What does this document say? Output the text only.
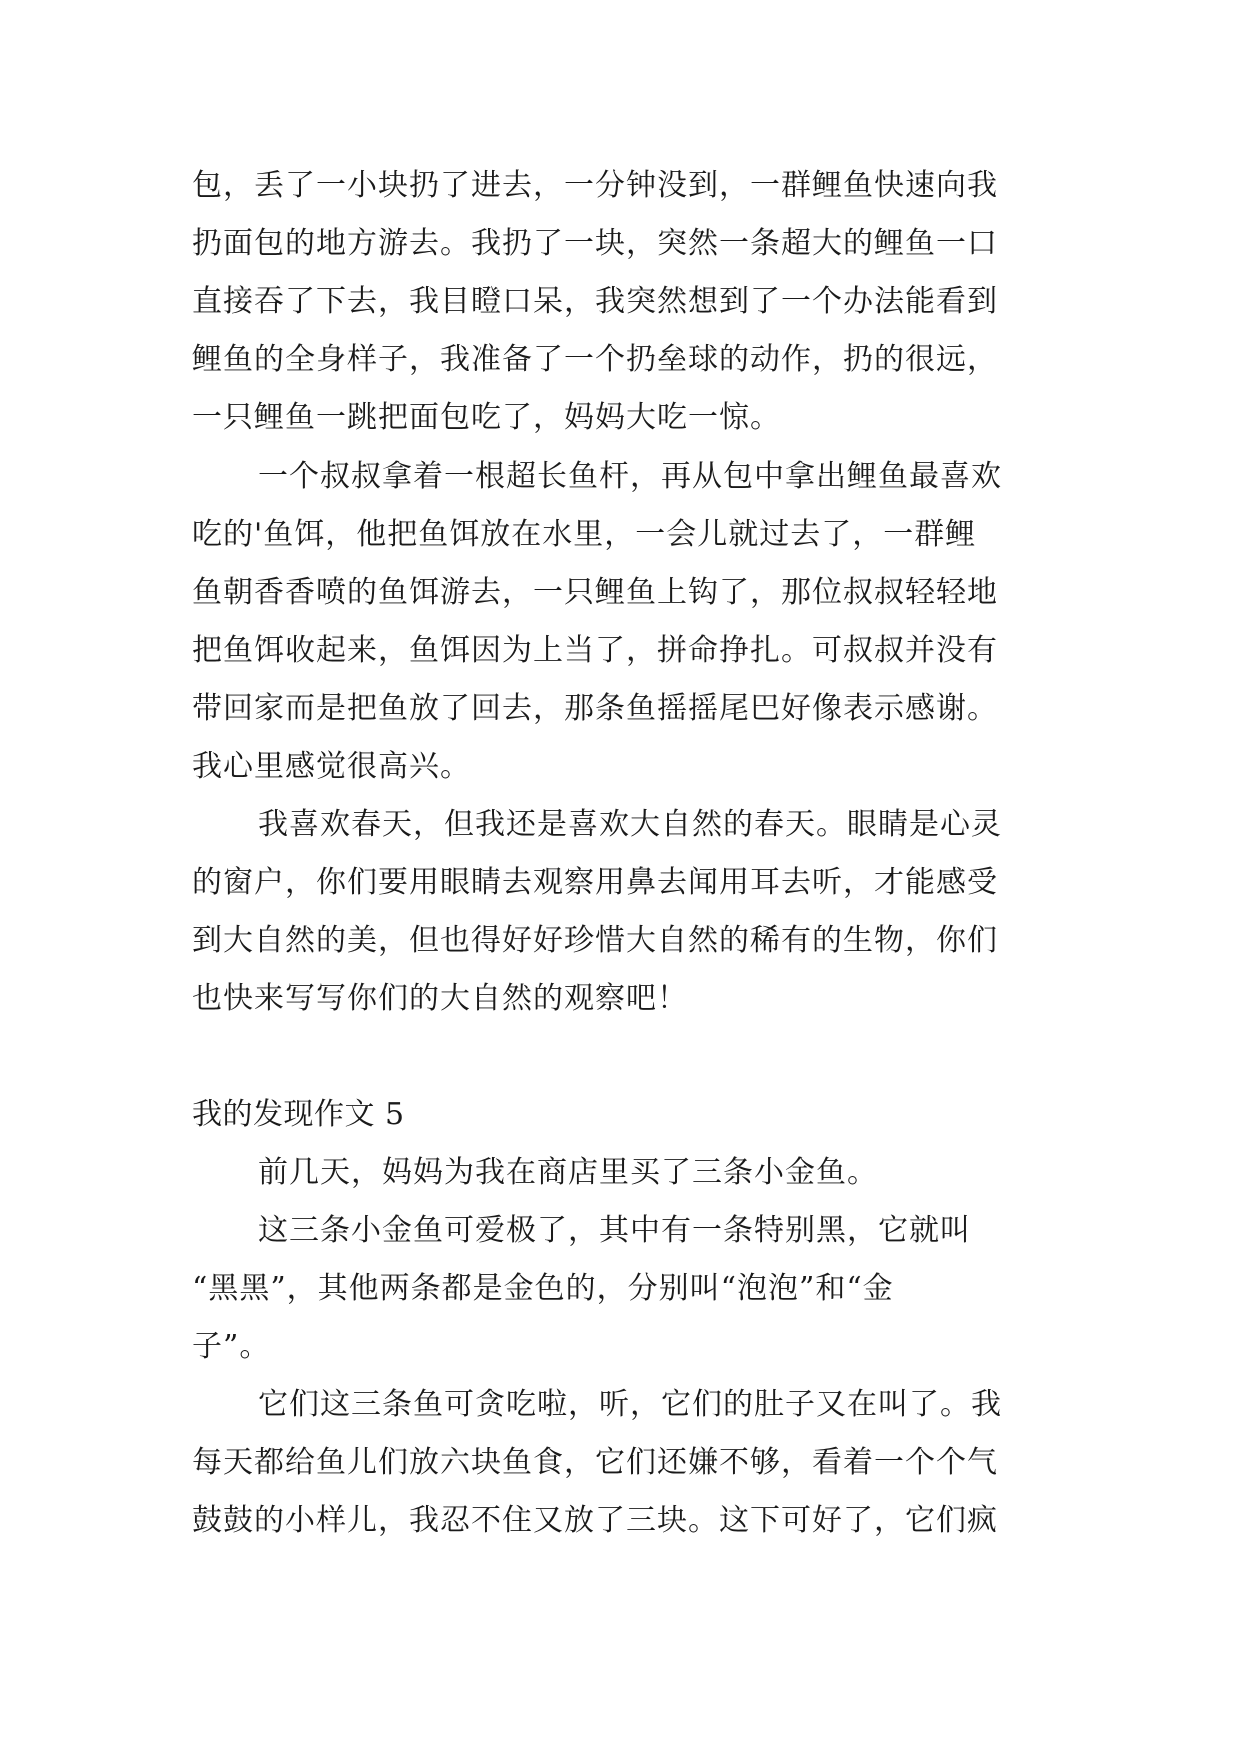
包，丢了一小块扔了进去，一分钟没到，一群鲤鱼快速向我

扔面包的地方游去。我扔了一块，突然一条超大的鲤鱼一口

直接吞了下去，我目瞪口呆，我突然想到了一个办法能看到

鲤鱼的全身样子，我准备了一个扔垒球的动作，扔的很远，

一只鲤鱼一跳把面包吃了，妈妈大吃一惊。

一个叔叔拿着一根超长鱼杆，再从包中拿出鲤鱼最喜欢

吃的'鱼饵，他把鱼饵放在水里，一会儿就过去了，一群鲤

鱼朝香香喷的鱼饵游去，一只鲤鱼上钩了，那位叔叔轻轻地

把鱼饵收起来，鱼饵因为上当了，拼命挣扎。可叔叔并没有

带回家而是把鱼放了回去，那条鱼摇摇尾巴好像表示感谢。

我心里感觉很高兴。

我喜欢春天，但我还是喜欢大自然的春天。眼睛是心灵

的窗户，你们要用眼睛去观察用鼻去闻用耳去听，才能感受

到大自然的美，但也得好好珍惜大自然的稀有的生物，你们

也快来写写你们的大自然的观察吧！

我的发现作文 5

前几天，妈妈为我在商店里买了三条小金鱼。

这三条小金鱼可爱极了，其中有一条特别黑，它就叫

“黑黑”，其他两条都是金色的，分别叫“泡泡”和“金

子”。

它们这三条鱼可贪吃啦，听，它们的肚子又在叫了。我

每天都给鱼儿们放六块鱼食，它们还嫌不够，看着一个个气

鼓鼓的小样儿，我忍不住又放了三块。这下可好了，它们疯
